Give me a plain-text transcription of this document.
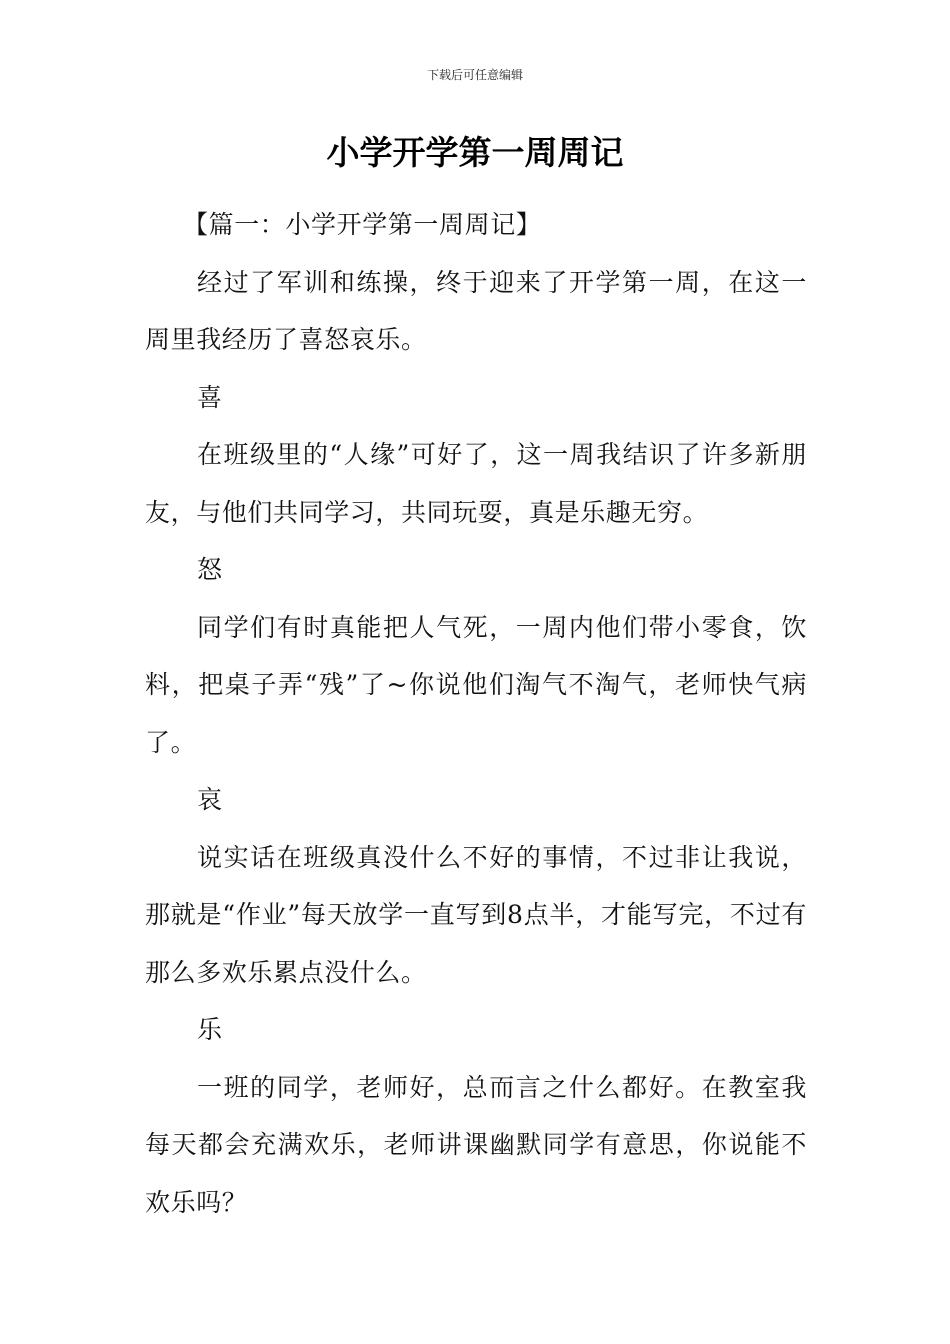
下载后可任意编辑
小学开学第一周周记

【篇一：小学开学第一周周记】

经过了军训和练操，终于迎来了开学第一周，在这一周里我经历了喜怒哀乐。

喜

在班级里的“人缘”可好了，这一周我结识了许多新朋友，与他们共同学习，共同玩耍，真是乐趣无穷。

怒

同学们有时真能把人气死，一周内他们带小零食，饮料，把桌子弄“残”了~你说他们淘气不淘气，老师快气病了。

哀

说实话在班级真没什么不好的事情，不过非让我说，那就是“作业”每天放学一直写到8点半，才能写完，不过有那么多欢乐累点没什么。

乐

一班的同学，老师好，总而言之什么都好。在教室我每天都会充满欢乐，老师讲课幽默同学有意思，你说能不欢乐吗？
